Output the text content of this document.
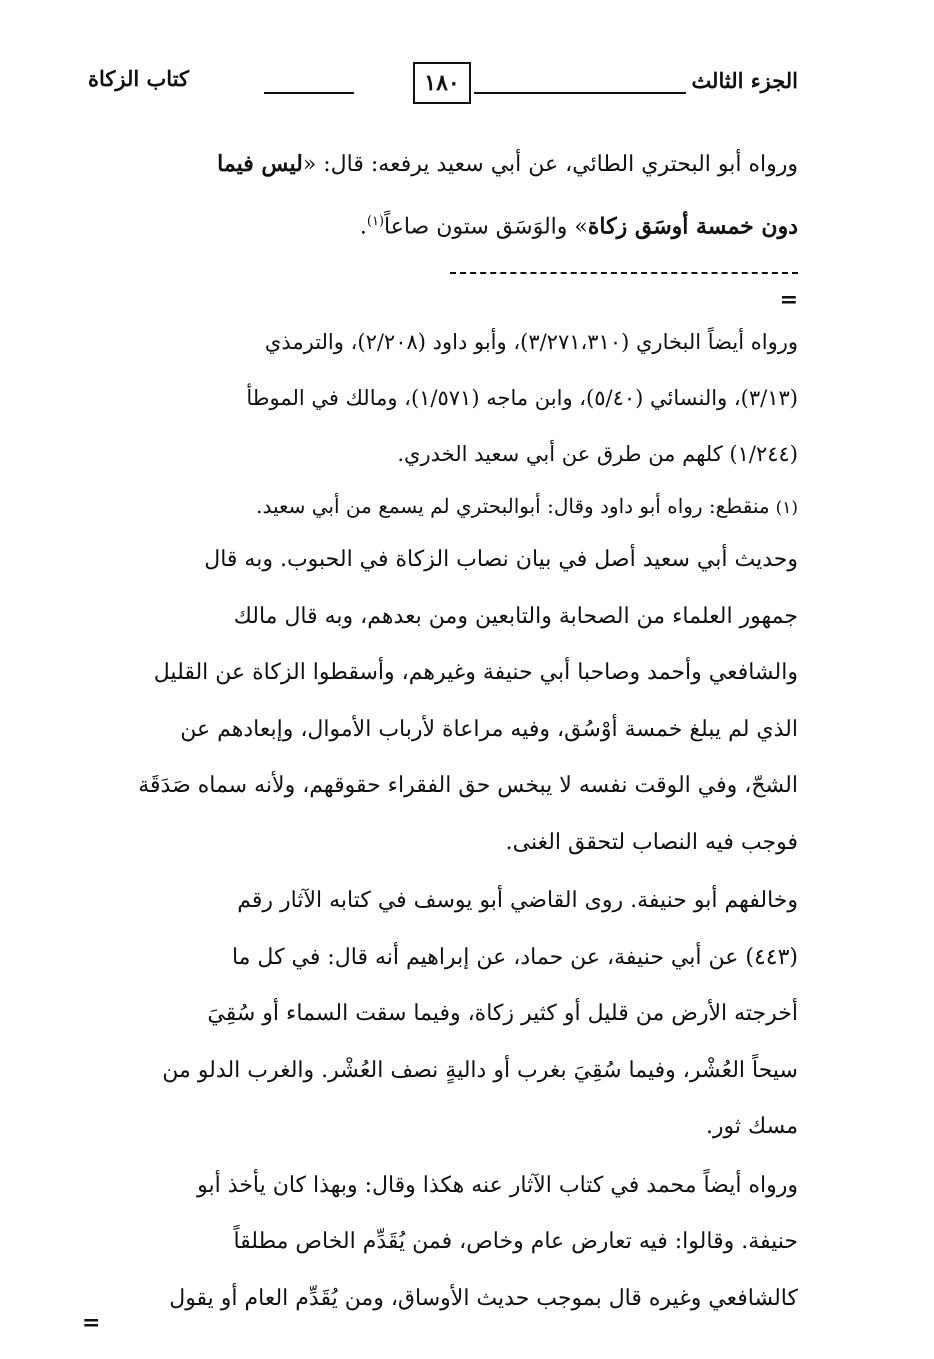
الجزء الثالث
١٨٠
كتاب الزكاة
ورواه أبو البحتري الطائي، عن أبي سعيد يرفعه: قال: «ليس فيما
دون خمسة أوسَق زكاة» والوَسَق ستون صاعاً$^{(١)}$.
=
ورواه أيضاً البخاري (٣/٢٧١،٣١٠)، وأبو داود (٢/٢٠٨)، والترمذي
(٣/١٣)، والنسائي (٥/٤٠)، وابن ماجه (١/٥٧١)، ومالك في الموطأ
(١/٢٤٤) كلهم من طرق عن أبي سعيد الخدري.
(١)منقطع: رواه أبو داود وقال: أبوالبحتري لم يسمع من أبي سعيد.

وحديث أبي سعيد أصل في بيان نصاب الزكاة في الحبوب. وبه قال
جمهور العلماء من الصحابة والتابعين ومن بعدهم، وبه قال مالك
والشافعي وأحمد وصاحبا أبي حنيفة وغيرهم، وأسقطوا الزكاة عن القليل
الذي لم يبلغ خمسة أوْسُق، وفيه مراعاة لأرباب الأموال، وإبعادهم عن
الشحّ، وفي الوقت نفسه لا يبخس حق الفقراء حقوقهم، ولأنه سماه صَدَقَة
فوجب فيه النصاب لتحقق الغنى.

وخالفهم أبو حنيفة. روى القاضي أبو يوسف في كتابه الآثار رقم
(٤٤٣) عن أبي حنيفة، عن حماد، عن إبراهيم أنه قال: في كل ما
أخرجته الأرض من قليل أو كثير زكاة، وفيما سقت السماء أو سُقِيَ
سيحاً العُشْر، وفيما سُقِيَ بغرب أو داليةٍ نصف العُشْر. والغرب الدلو من
مسك ثور.

ورواه أيضاً محمد في كتاب الآثار عنه هكذا وقال: وبهذا كان يأخذ أبو
حنيفة. وقالوا: فيه تعارض عام وخاص، فمن يُقَدِّم الخاص مطلقاً
كالشافعي وغيره قال بموجب حديث الأوساق، ومن يُقَدِّم العام أو يقول

=
